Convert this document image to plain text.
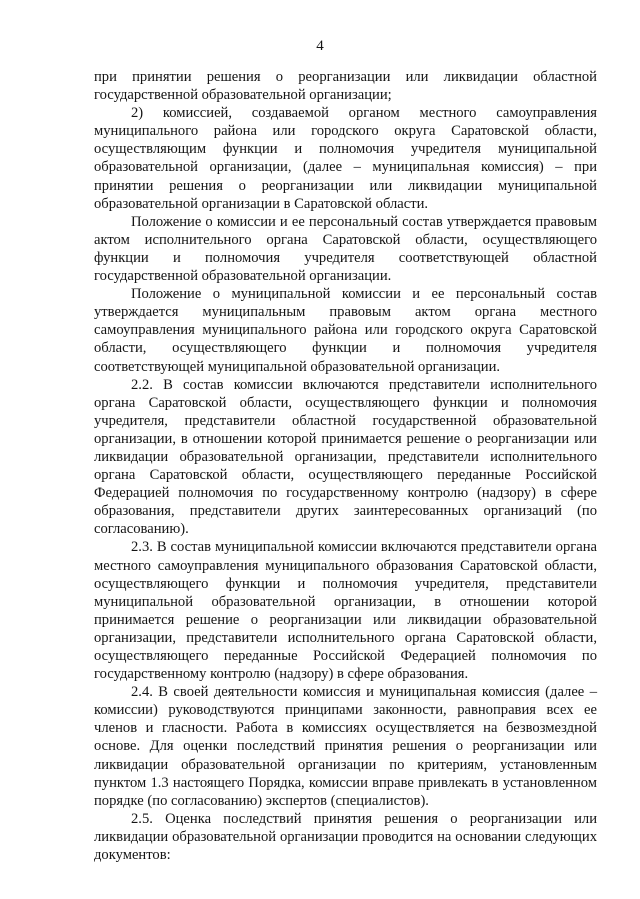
4

при принятии решения о реорганизации или ликвидации областной государственной образовательной организации;

2) комиссией, создаваемой органом местного самоуправления муниципального района или городского округа Саратовской области, осуществляющим функции и полномочия учредителя муниципальной образовательной организации, (далее – муниципальная комиссия) – при принятии решения о реорганизации или ликвидации муниципальной образовательной организации в Саратовской области.

Положение о комиссии и ее персональный состав утверждается правовым актом исполнительного органа Саратовской области, осуществляющего функции и полномочия учредителя соответствующей областной государственной образовательной организации.

Положение о муниципальной комиссии и ее персональный состав утверждается муниципальным правовым актом органа местного самоуправления муниципального района или городского округа Саратовской области, осуществляющего функции и полномочия учредителя соответствующей муниципальной образовательной организации.

2.2. В состав комиссии включаются представители исполнительного органа Саратовской области, осуществляющего функции и полномочия учредителя, представители областной государственной образовательной организации, в отношении которой принимается решение о реорганизации или ликвидации образовательной организации, представители исполнительного органа Саратовской области, осуществляющего переданные Российской Федерацией полномочия по государственному контролю (надзору) в сфере образования, представители других заинтересованных организаций (по согласованию).

2.3. В состав муниципальной комиссии включаются представители органа местного самоуправления муниципального образования Саратовской области, осуществляющего функции и полномочия учредителя, представители муниципальной образовательной организации, в отношении которой принимается решение о реорганизации или ликвидации образовательной организации, представители исполнительного органа Саратовской области, осуществляющего переданные Российской Федерацией полномочия по государственному контролю (надзору) в сфере образования.

2.4. В своей деятельности комиссия и муниципальная комиссия (далее – комиссии) руководствуются принципами законности, равноправия всех ее членов и гласности. Работа в комиссиях осуществляется на безвозмездной основе. Для оценки последствий принятия решения о реорганизации или ликвидации образовательной организации по критериям, установленным пунктом 1.3 настоящего Порядка, комиссии вправе привлекать в установленном порядке (по согласованию) экспертов (специалистов).

2.5. Оценка последствий принятия решения о реорганизации или ликвидации образовательной организации проводится на основании следующих документов:
